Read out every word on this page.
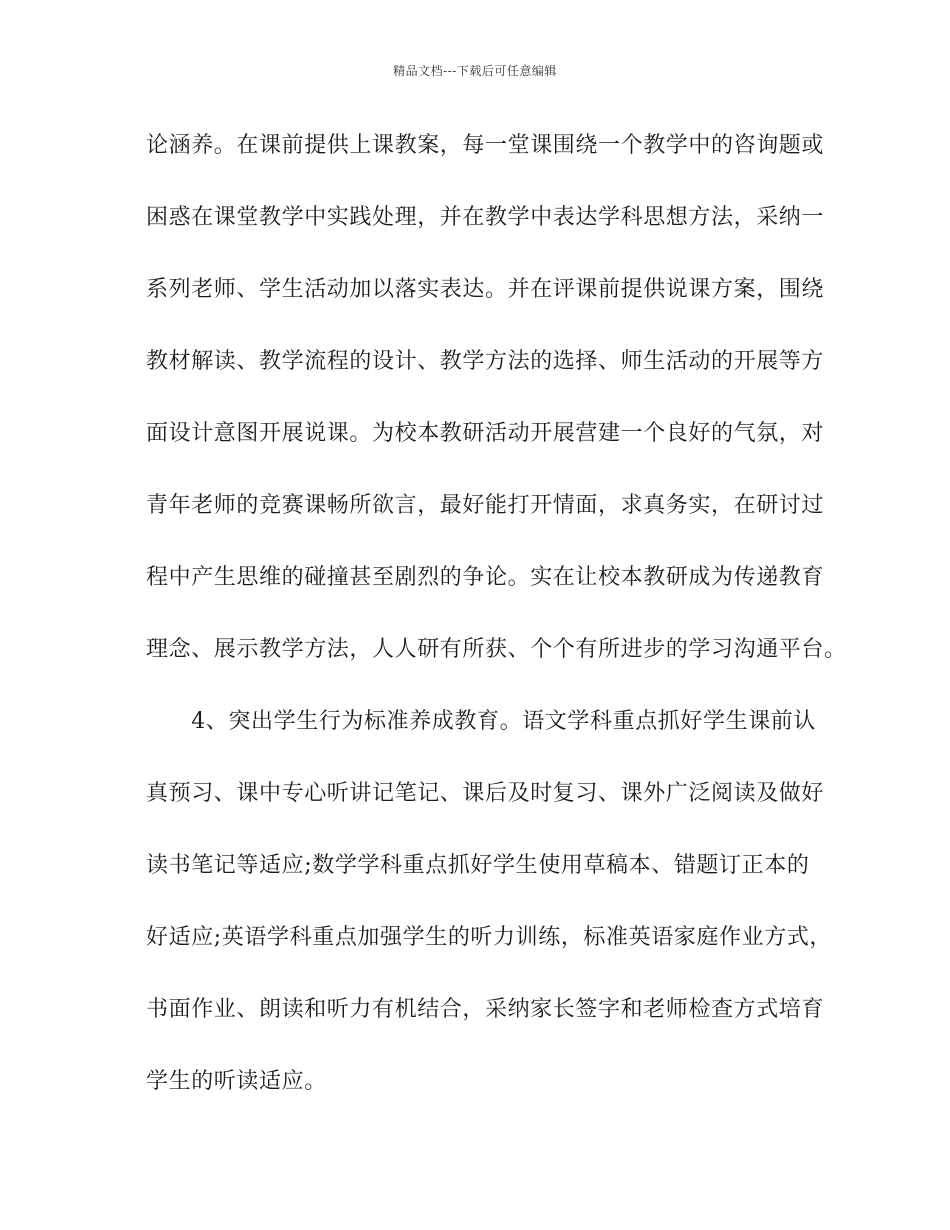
精品文档---下载后可任意编辑
论涵养。在课前提供上课教案，每一堂课围绕一个教学中的咨询题或
困惑在课堂教学中实践处理，并在教学中表达学科思想方法，采纳一
系列老师、学生活动加以落实表达。并在评课前提供说课方案，围绕
教材解读、教学流程的设计、教学方法的选择、师生活动的开展等方
面设计意图开展说课。为校本教研活动开展营建一个良好的气氛，对
青年老师的竞赛课畅所欲言，最好能打开情面，求真务实，在研讨过
程中产生思维的碰撞甚至剧烈的争论。实在让校本教研成为传递教育
理念、展示教学方法，人人研有所获、个个有所进步的学习沟通平台。
　　4、突出学生行为标准养成教育。语文学科重点抓好学生课前认
真预习、课中专心听讲记笔记、课后及时复习、课外广泛阅读及做好
读书笔记等适应;数学学科重点抓好学生使用草稿本、错题订正本的
好适应;英语学科重点加强学生的听力训练，标准英语家庭作业方式，
书面作业、朗读和听力有机结合，采纳家长签字和老师检查方式培育
学生的听读适应。
